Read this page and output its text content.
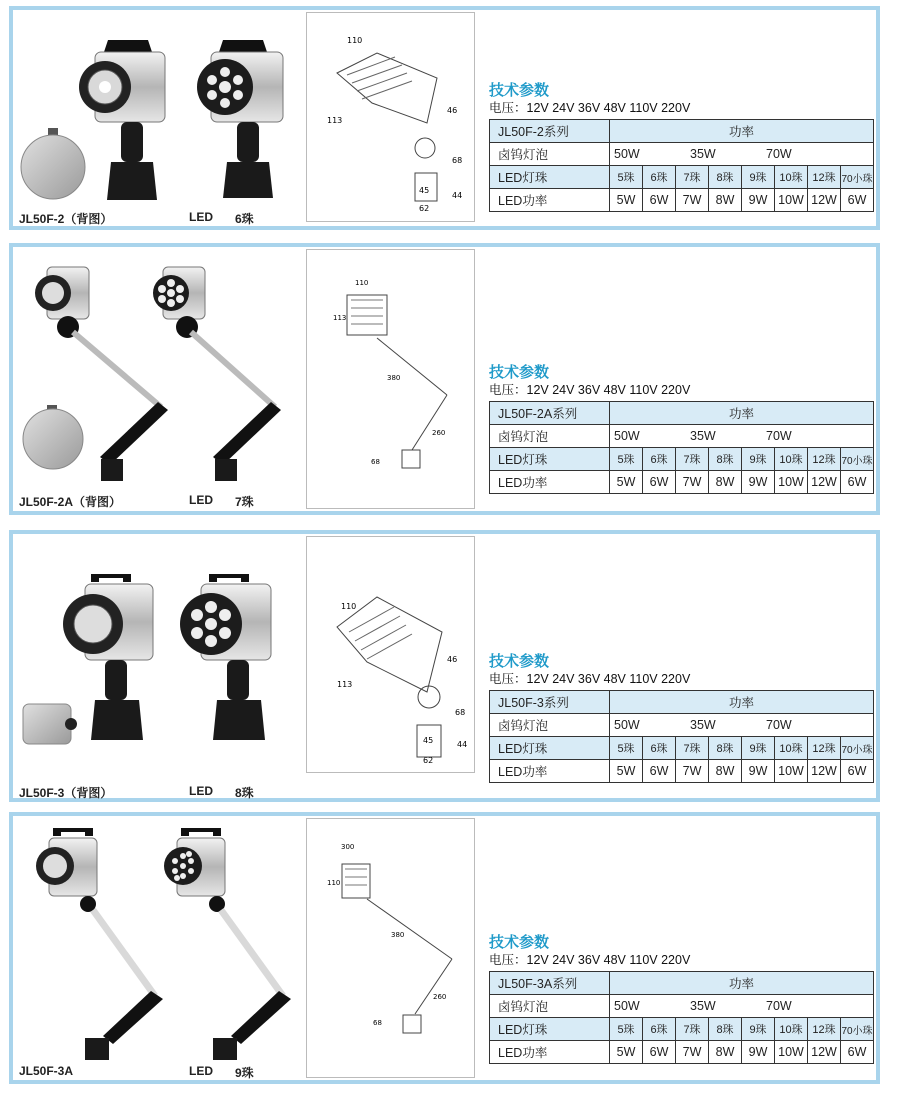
JL50F-2（背图）	LED 6珠
110
113
46
68
44
45
62

技术参数

电压：12V 24V 36V 48V 110V 220V

JL50F-2系列	功率							
卤钨灯泡	50W 35W 70W							
LED灯珠	5珠	6珠	7珠	8珠	9珠	10珠	12珠	70小珠
LED功率	5W	6W	7W	8W	9W	10W	12W	6W
JL50F-2A（背图）	LED 7珠
110
113
380
260
68

技术参数

电压：12V 24V 36V 48V 110V 220V

JL50F-2A系列	功率							
卤钨灯泡	50W 35W 70W							
LED灯珠	5珠	6珠	7珠	8珠	9珠	10珠	12珠	70小珠
LED功率	5W	6W	7W	8W	9W	10W	12W	6W
JL50F-3（背图）	LED 8珠
110
113
46
68
44
45
62

技术参数

电压：12V 24V 36V 48V 110V 220V

JL50F-3系列	功率							
卤钨灯泡	50W 35W 70W							
LED灯珠	5珠	6珠	7珠	8珠	9珠	10珠	12珠	70小珠
LED功率	5W	6W	7W	8W	9W	10W	12W	6W
JL50F-3A	LED 9珠
300
110
380
260
68

技术参数

电压：12V 24V 36V 48V 110V 220V

JL50F-3A系列	功率							
卤钨灯泡	50W 35W 70W							
LED灯珠	5珠	6珠	7珠	8珠	9珠	10珠	12珠	70小珠
LED功率	5W	6W	7W	8W	9W	10W	12W	6W
